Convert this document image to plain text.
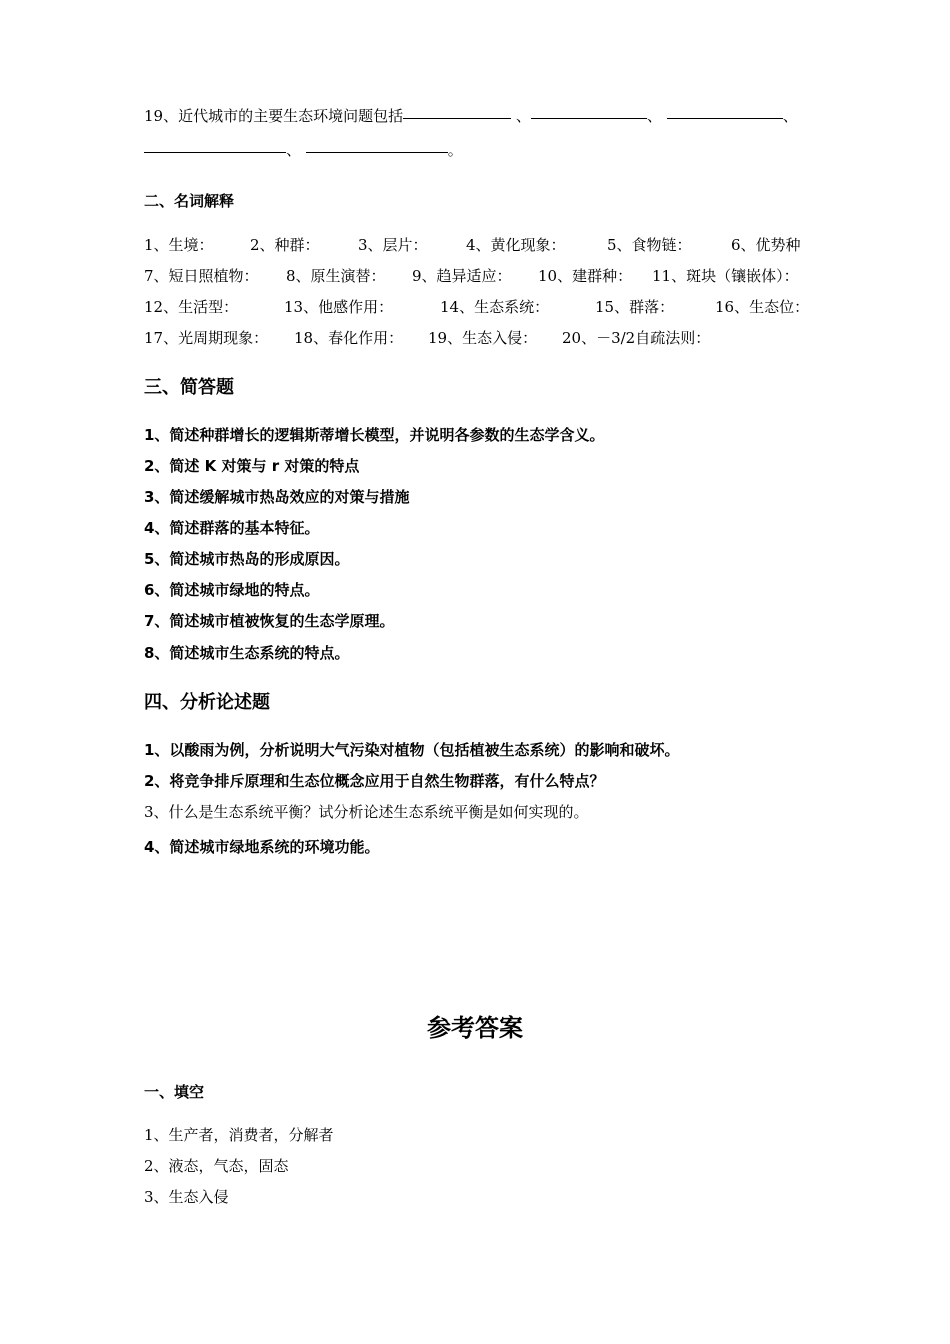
19、近代城市的主要生态环境问题包括	、	、	、
、	。
二、名词解释
1、生境： 2、种群：	3、层片：	4、黄化现象：	5、食物链：	6、优势种
7、短日照植物： 8、原生演替： 9、趋异适应： 10、建群种： 11、斑块（镶嵌体）：
12、生活型：	13、他感作用：	14、生态系统：	15、群落：	16、生态位：
17、光周期现象： 18、春化作用： 19、生态入侵： 20、－3/2自疏法则：
三、简答题
1、简述种群增长的逻辑斯蒂增长模型，并说明各参数的生态学含义。
2、简述 K 对策与 r 对策的特点
3、简述缓解城市热岛效应的对策与措施
4、简述群落的基本特征。
5、简述城市热岛的形成原因。
6、简述城市绿地的特点。
7、简述城市植被恢复的生态学原理。
8、简述城市生态系统的特点。
四、分析论述题
1、以酸雨为例，分析说明大气污染对植物（包括植被生态系统）的影响和破坏。
2、将竞争排斥原理和生态位概念应用于自然生物群落，有什么特点？
3、什么是生态系统平衡？试分析论述生态系统平衡是如何实现的。
4、简述城市绿地系统的环境功能。
参考答案
一、填空
1、生产者，消费者，分解者
2、液态，气态，固态
3、生态入侵
